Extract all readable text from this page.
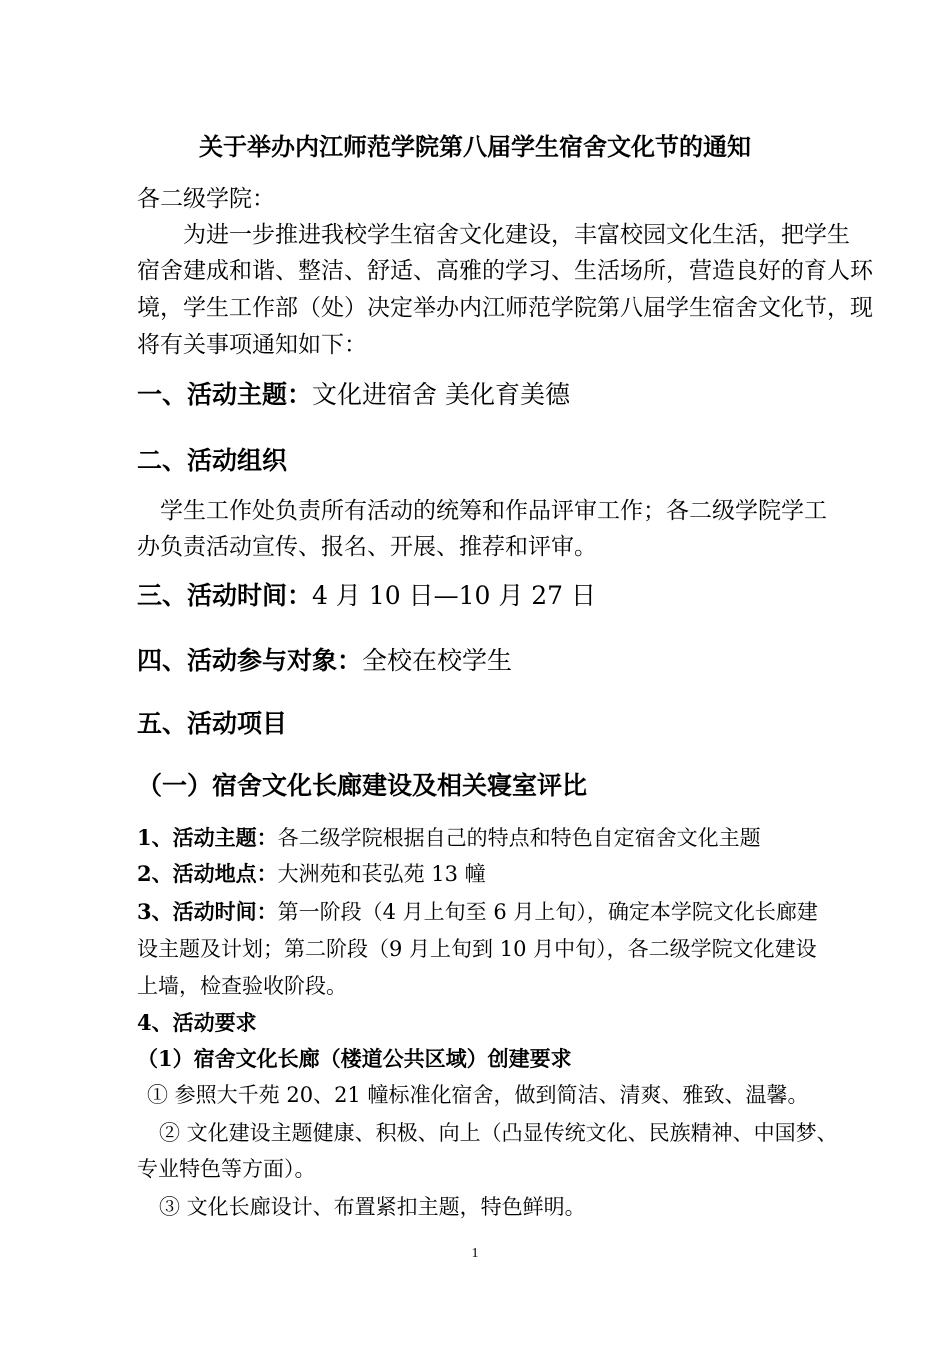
关于举办内江师范学院第八届学生宿舍文化节的通知
各二级学院：
为进一步推进我校学生宿舍文化建设，丰富校园文化生活，把学生
宿舍建成和谐、整洁、舒适、高雅的学习、生活场所，营造良好的育人环
境，学生工作部（处）决定举办内江师范学院第八届学生宿舍文化节，现
将有关事项通知如下：
一、活动主题：文化进宿舍 美化育美德
二、活动组织
学生工作处负责所有活动的统筹和作品评审工作；各二级学院学工
办负责活动宣传、报名、开展、推荐和评审。
三、活动时间：4 月 10 日—10 月 27 日
四、活动参与对象：全校在校学生
五、活动项目
（一）宿舍文化长廊建设及相关寝室评比
1、活动主题：各二级学院根据自己的特点和特色自定宿舍文化主题
2、活动地点：大洲苑和苌弘苑 13 幢
3、活动时间：第一阶段（4 月上旬至 6 月上旬），确定本学院文化长廊建
设主题及计划；第二阶段（9 月上旬到 10 月中旬），各二级学院文化建设
上墙，检查验收阶段。
4、活动要求
（1）宿舍文化长廊（楼道公共区域）创建要求
① 参照大千苑 20、21 幢标准化宿舍，做到简洁、清爽、雅致、温馨。
② 文化建设主题健康、积极、向上（凸显传统文化、民族精神、中国梦、
专业特色等方面）。
③ 文化长廊设计、布置紧扣主题，特色鲜明。
1
